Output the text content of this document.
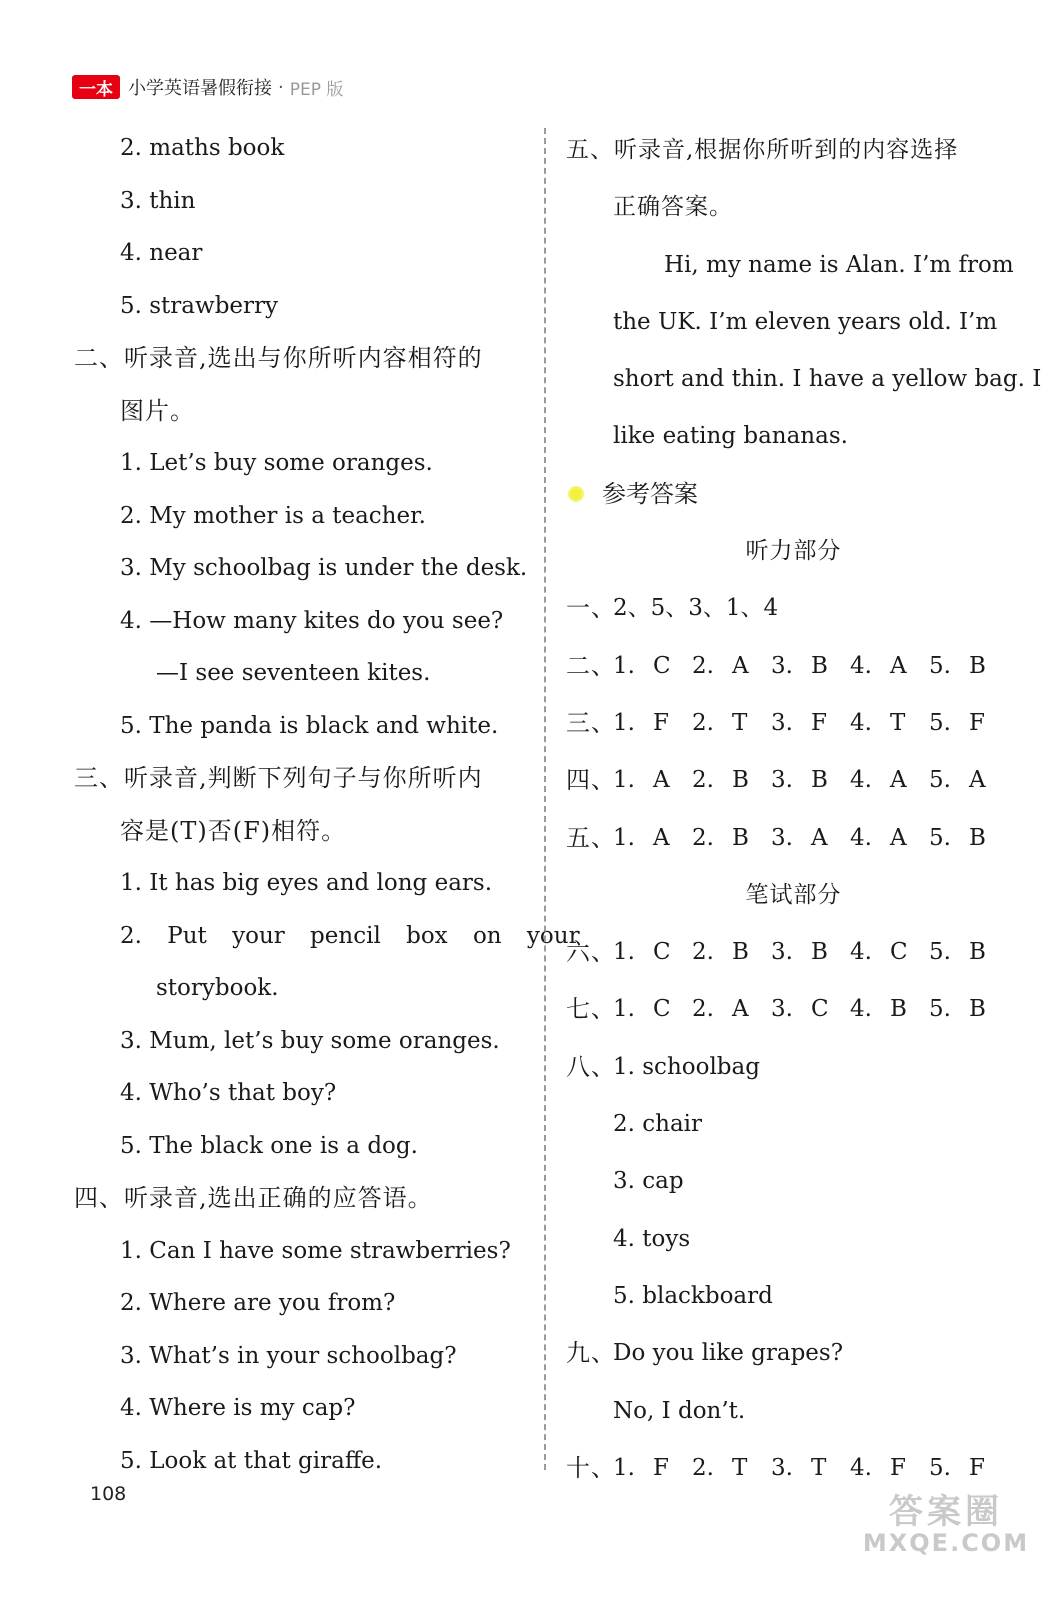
一本 小学英语暑假衔接 · PEP 版
2. maths book
3. thin
4. near
5. strawberry
二、听录音,选出与你所听内容相符的
图片。
1. Let’s buy some oranges.
2. My mother is a teacher.
3. My schoolbag is under the desk.
4. —How many kites do you see?
—I see seventeen kites.
5. The panda is black and white.
三、听录音,判断下列句子与你所听内
容是(T)否(F)相符。
1. It has big eyes and long ears.
2. Put your pencil box on your
storybook.
3. Mum, let’s buy some oranges.
4. Who’s that boy?
5. The black one is a dog.
四、听录音,选出正确的应答语。
1. Can I have some strawberries?
2. Where are you from?
3. What’s in your schoolbag?
4. Where is my cap?
5. Look at that giraffe.
五、听录音,根据你所听到的内容选择
正确答案。
Hi, my name is Alan. I’m from
the UK. I’m eleven years old. I’m
short and thin. I have a yellow bag. I
like eating bananas.
参考答案
听力部分
一、
2、5、3、1、4
二、
1. C 2. A 3. B 4. A 5. B
三、
1. F 2. T 3. F 4. T 5. F
四、
1. A 2. B 3. B 4. A 5. A
五、
1. A 2. B 3. A 4. A 5. B
笔试部分
六、
1. C 2. B 3. B 4. C 5. B
七、
1. C 2. A 3. C 4. B 5. B
八、
1. schoolbag
2. chair
3. cap
4. toys
5. blackboard
九、
Do you like grapes?
No, I don’t.
十、
1. F 2. T 3. T 4. F 5. F
108	答案圈
MXQE.COM
